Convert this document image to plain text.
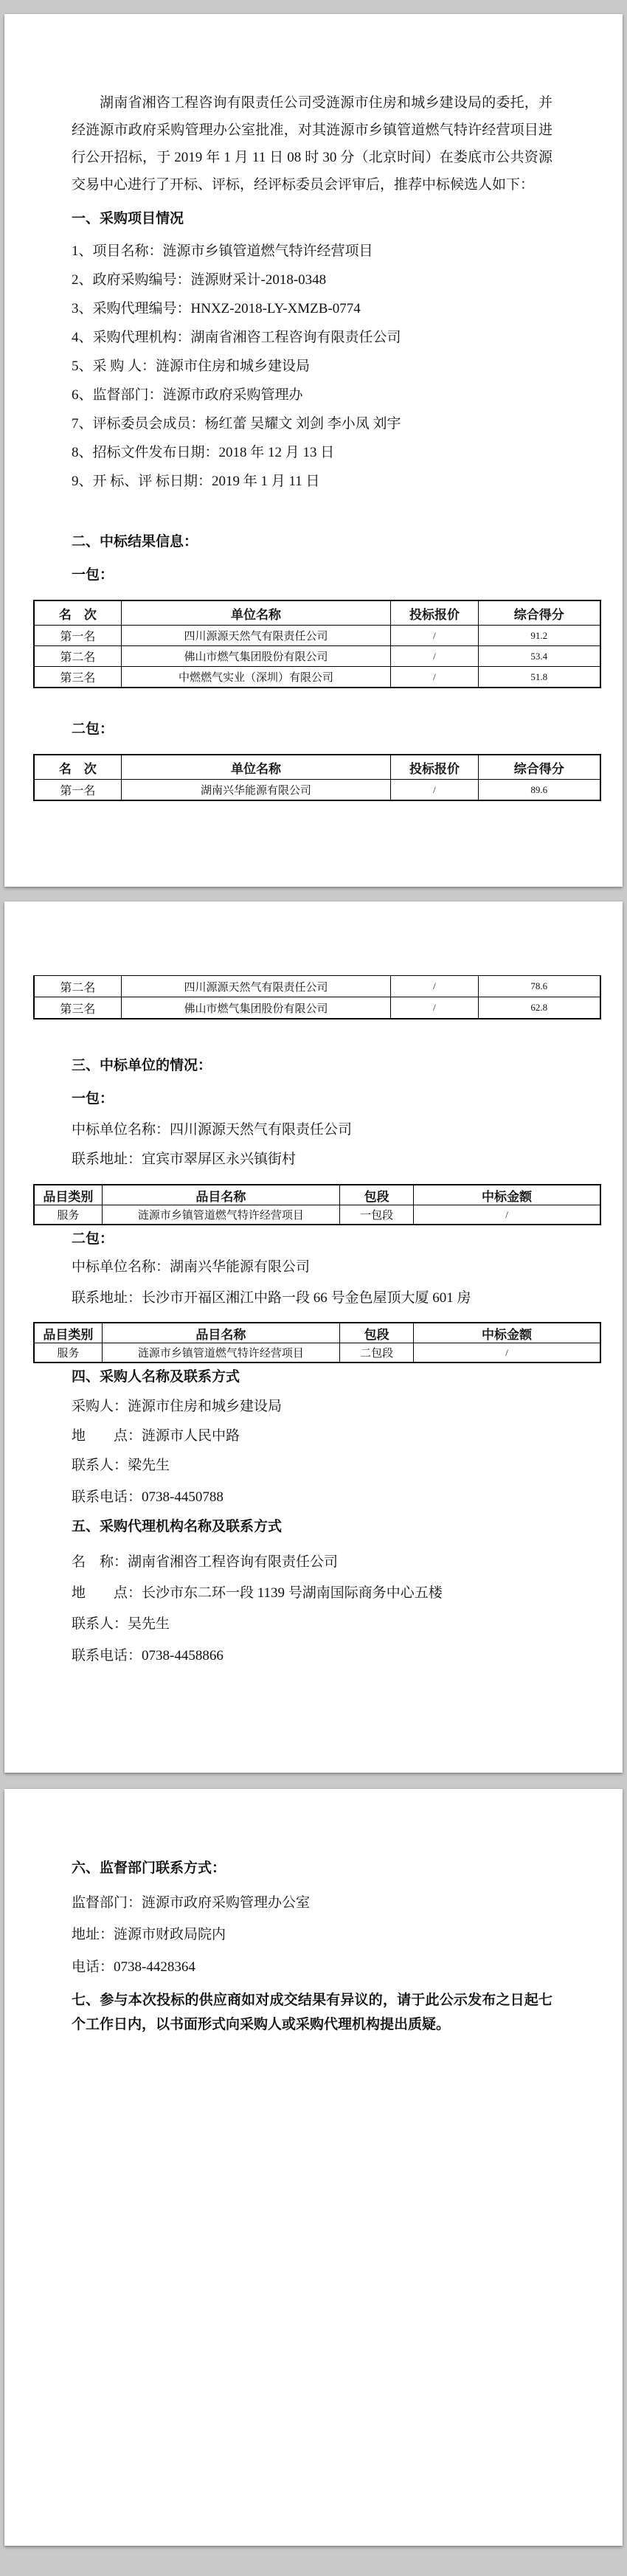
湖南省湘咨工程咨询有限责任公司受涟源市住房和城乡建设局的委托，并经涟源市政府采购管理办公室批准，对其涟源市乡镇管道燃气特许经营项目进行公开招标，于 2019 年 1 月 11 日 08 时 30 分（北京时间）在娄底市公共资源交易中心进行了开标、评标，经评标委员会评审后，推荐中标候选人如下：

一、采购项目情况

1、项目名称：涟源市乡镇管道燃气特许经营项目

2、政府采购编号：涟源财采计-2018-0348

3、采购代理编号：HNXZ-2018-LY-XMZB-0774

4、采购代理机构：湖南省湘咨工程咨询有限责任公司

5、采 购 人：涟源市住房和城乡建设局

6、监督部门：涟源市政府采购管理办

7、评标委员会成员：杨红蕾 吴耀文 刘剑 李小凤 刘宇

8、招标文件发布日期：2018 年 12 月 13 日

9、开 标、评 标日期：2019 年 1 月 11 日

二、中标结果信息：

一包：

名　次	单位名称	投标报价	综合得分
第一名	四川源源天然气有限责任公司	/	91.2
第二名	佛山市燃气集团股份有限公司	/	53.4
第三名	中燃燃气实业（深圳）有限公司	/	51.8

二包：

名　次	单位名称	投标报价	综合得分
第一名	湖南兴华能源有限公司	/	89.6
第二名	四川源源天然气有限责任公司	/	78.6
第三名	佛山市燃气集团股份有限公司	/	62.8

三、中标单位的情况：

一包：

中标单位名称：四川源源天然气有限责任公司

联系地址：宜宾市翠屏区永兴镇街村

品目类别	品目名称	包段	中标金额
服务	涟源市乡镇管道燃气特许经营项目	一包段	/

二包：

中标单位名称：湖南兴华能源有限公司

联系地址：长沙市开福区湘江中路一段 66 号金色屋顶大厦 601 房

品目类别	品目名称	包段	中标金额
服务	涟源市乡镇管道燃气特许经营项目	二包段	/

四、采购人名称及联系方式

采购人：涟源市住房和城乡建设局

地　　点：涟源市人民中路

联系人：梁先生

联系电话：0738-4450788

五、采购代理机构名称及联系方式

名　称：湖南省湘咨工程咨询有限责任公司

地　　点：长沙市东二环一段 1139 号湖南国际商务中心五楼

联系人：吴先生

联系电话：0738-4458866

六、监督部门联系方式：

监督部门：涟源市政府采购管理办公室

地址：涟源市财政局院内

电话：0738-4428364

七、参与本次投标的供应商如对成交结果有异议的，请于此公示发布之日起七个工作日内，以书面形式向采购人或采购代理机构提出质疑。
